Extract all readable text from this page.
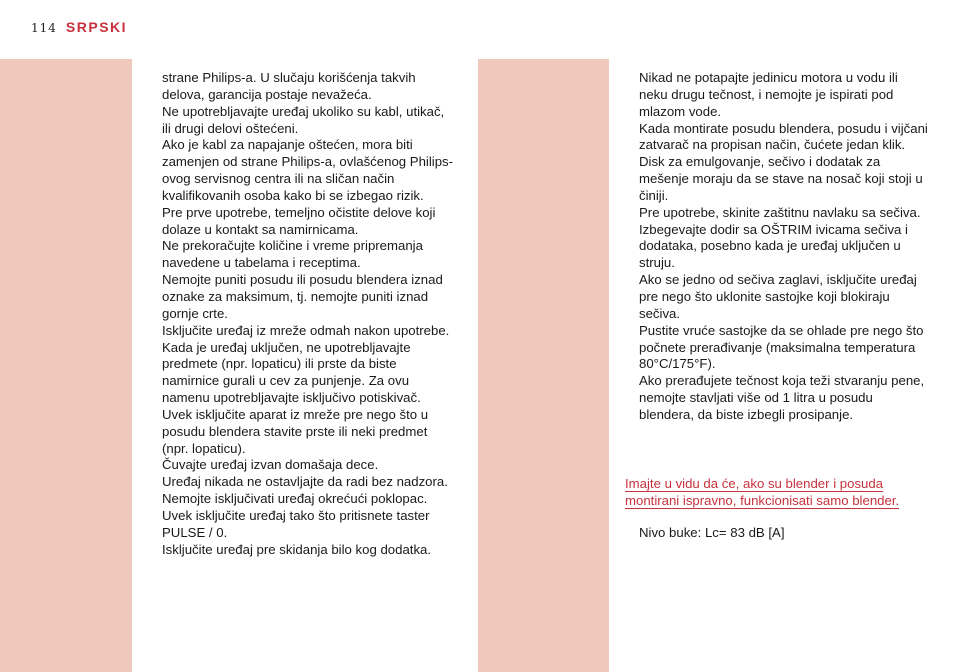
114 SRPSKI

strane Philips-a. U slučaju korišćenja takvih delova, garancija postaje nevažeća.

Ne upotrebljavajte uređaj ukoliko su kabl, utikač, ili drugi delovi oštećeni.

Ako je kabl za napajanje oštećen, mora biti zamenjen od strane Philips-a, ovlašćenog Philips-ovog servisnog centra ili na sličan način kvalifikovanih osoba kako bi se izbegao rizik.

Pre prve upotrebe, temeljno očistite delove koji dolaze u kontakt sa namirnicama.

Ne prekoračujte količine i vreme pripremanja navedene u tabelama i receptima.

Nemojte puniti posudu ili posudu blendera iznad oznake za maksimum, tj. nemojte puniti iznad gornje crte.

Isključite uređaj iz mreže odmah nakon upotrebe.

Kada je uređaj uključen, ne upotrebljavajte predmete (npr. lopaticu) ili prste da biste namirnice gurali u cev za punjenje. Za ovu namenu upotrebljavajte isključivo potiskivač.

Uvek isključite aparat iz mreže pre nego što u posudu blendera stavite prste ili neki predmet (npr. lopaticu).

Čuvajte uređaj izvan domašaja dece.

Uređaj nikada ne ostavljajte da radi bez nadzora.

Nemojte isključivati uređaj okrećući poklopac.

Uvek isključite uređaj tako što pritisnete taster PULSE / 0.

Isključite uređaj pre skidanja bilo kog dodatka.

Nikad ne potapajte jedinicu motora u vodu ili neku drugu tečnost, i nemojte je ispirati pod mlazom vode.

Kada montirate posudu blendera, posudu i vijčani zatvarač na propisan način, čućete jedan klik.

Disk za emulgovanje, sečivo i dodatak za mešenje moraju da se stave na nosač koji stoji u činiji.

Pre upotrebe, skinite zaštitnu navlaku sa sečiva.

Izbegevajte dodir sa OŠTRIM ivicama sečiva i dodataka, posebno kada je uređaj uključen u struju.

Ako se jedno od sečiva zaglavi, isključite uređaj pre nego što uklonite sastojke koji blokiraju sečiva.

Pustite vruće sastojke da se ohlade pre nego što počnete prerađivanje (maksimalna temperatura 80°C/175°F).

Ako prerađujete tečnost koja teži stvaranju pene, nemojte stavljati više od 1 litra u posudu blendera, da biste izbegli prosipanje.

Imajte u vidu da će, ako su blender i posuda montirani ispravno, funkcionisati samo blender.
Nivo buke: Lc= 83 dB [A]
